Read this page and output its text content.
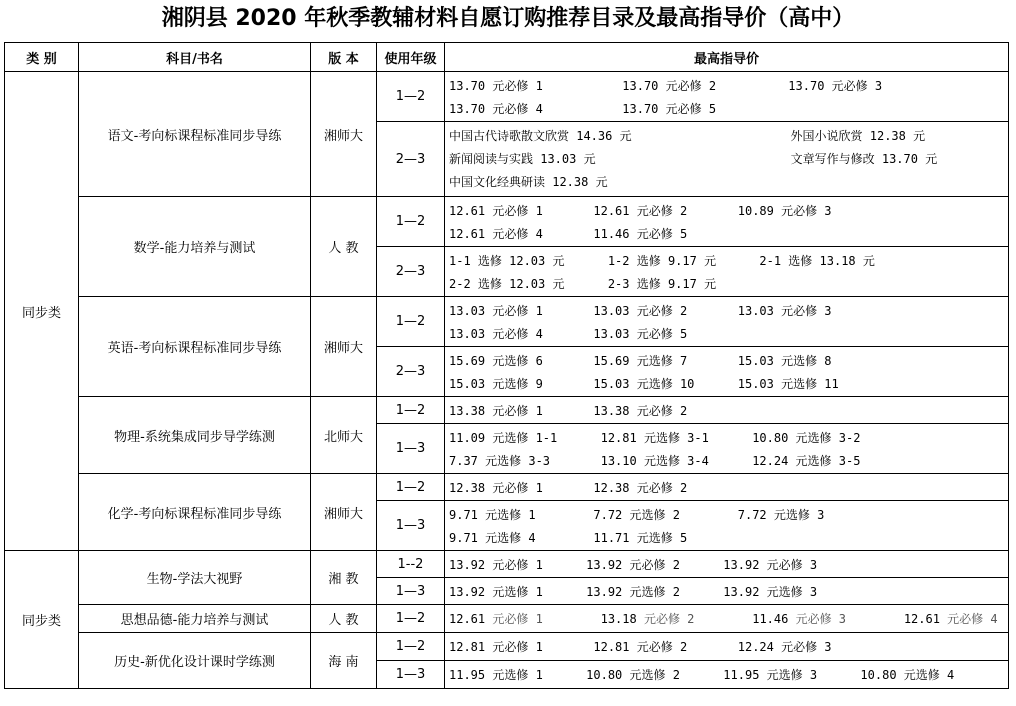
湘阴县 2020 年秋季教辅材料自愿订购推荐目录及最高指导价（高中）
类 别	科目/书名	版 本	使用年级	最高指导价
同步类	语文-考向标课程标准同步导练	湘师大	1—2	13.70 元必修 1           13.70 元必修 2          13.70 元必修 3
13.70 元必修 4           13.70 元必修 5

			2—3	中国古代诗歌散文欣赏 14.36 元                      外国小说欣赏 12.38 元
新闻阅读与实践 13.03 元                           文章写作与修改 13.70 元
中国文化经典研读 12.38 元

	数学-能力培养与测试	人 教	1—2	12.61 元必修 1       12.61 元必修 2       10.89 元必修 3
12.61 元必修 4       11.46 元必修 5

			2—3	1-1 选修 12.03 元      1-2 选修 9.17 元      2-1 选修 13.18 元
2-2 选修 12.03 元      2-3 选修 9.17 元

	英语-考向标课程标准同步导练	湘师大	1—2	13.03 元必修 1       13.03 元必修 2       13.03 元必修 3
13.03 元必修 4       13.03 元必修 5

			2—3	15.69 元选修 6       15.69 元选修 7       15.03 元选修 8
15.03 元选修 9       15.03 元选修 10      15.03 元选修 11

	物理-系统集成同步导学练测	北师大	1—2	13.38 元必修 1       13.38 元必修 2

			1—3	11.09 元选修 1-1      12.81 元选修 3-1      10.80 元选修 3-2
7.37 元选修 3-3       13.10 元选修 3-4      12.24 元选修 3-5

	化学-考向标课程标准同步导练	湘师大	1—2	12.38 元必修 1       12.38 元必修 2

			1—3	9.71 元选修 1        7.72 元选修 2        7.72 元选修 3
9.71 元选修 4        11.71 元选修 5

同步类	生物-学法大视野	湘 教	1--2	13.92 元必修 1      13.92 元必修 2      13.92 元必修 3

			1—3	13.92 元选修 1      13.92 元选修 2      13.92 元选修 3

	思想品德-能力培养与测试	人 教	1—2	12.61 元必修 1        13.18 元必修 2        11.46 元必修 3        12.61 元必修 4

	历史-新优化设计课时学练测	海 南	1—2	12.81 元必修 1       12.81 元必修 2       12.24 元必修 3

			1—3	11.95 元选修 1      10.80 元选修 2      11.95 元选修 3      10.80 元选修 4
